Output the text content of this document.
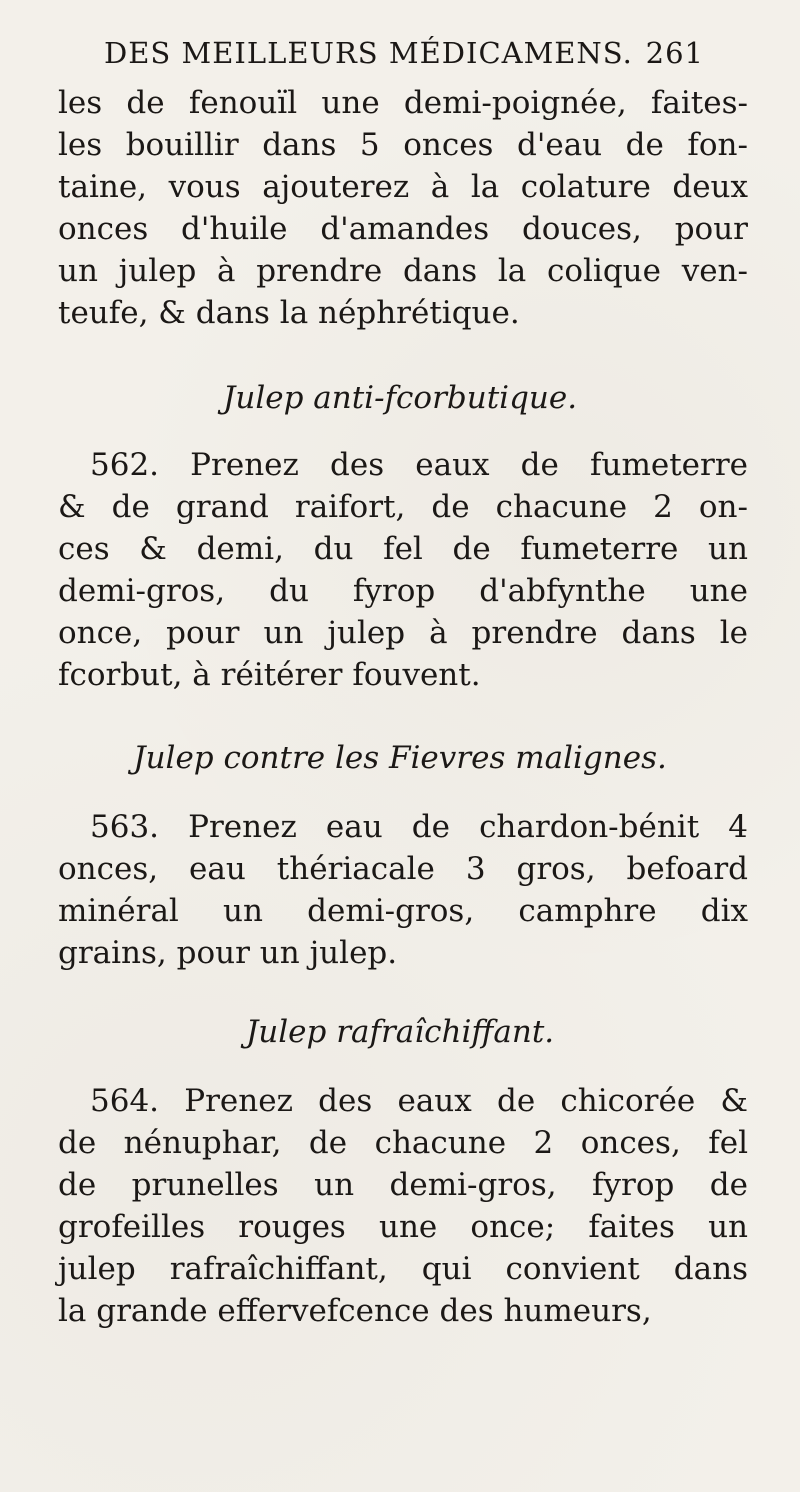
DES MEILLEURS MÉDICAMENS. 261
les de fenouïl une demi-poignée, faites-
les bouillir dans 5 onces d'eau de fon-
taine, vous ajouterez à la colature deux
onces d'huile d'amandes douces, pour
un julep à prendre dans la colique ven-
teufe, & dans la néphrétique.
Julep anti-fcorbutique.
562. Prenez des eaux de fumeterre
& de grand raifort, de chacune 2 on-
ces & demi, du fel de fumeterre un
demi-gros, du fyrop d'abfynthe une
once, pour un julep à prendre dans le
fcorbut, à réitérer fouvent.
Julep contre les Fievres malignes.
563. Prenez eau de chardon-bénit 4
onces, eau thériacale 3 gros, befoard
minéral un demi-gros, camphre dix
grains, pour un julep.
Julep rafraîchiffant.
564. Prenez des eaux de chicorée &
de nénuphar, de chacune 2 onces, fel
de prunelles un demi-gros, fyrop de
grofeilles rouges une once; faites un
julep rafraîchiffant, qui convient dans
la grande effervefcence des humeurs,
